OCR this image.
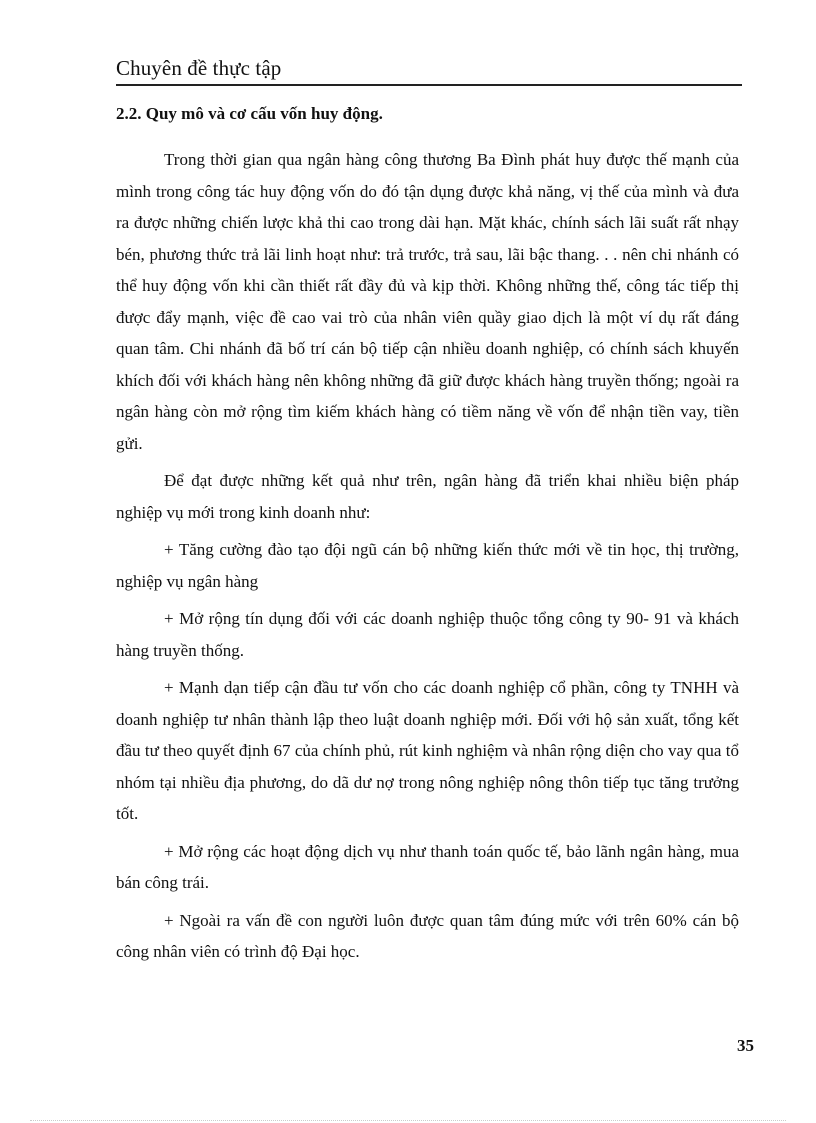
Chuyên đề thực tập
2.2. Quy mô và cơ cấu vốn huy động.

Trong thời gian qua ngân hàng công thương Ba Đình phát huy được thế mạnh của mình trong công tác huy động vốn do đó tận dụng được khả năng, vị thế của mình và đưa ra được những chiến lược khả thi cao trong dài hạn. Mặt khác, chính sách lãi suất rất nhạy bén, phương thức trả lãi linh hoạt như: trả trước, trả sau, lãi bậc thang. . . nên chi nhánh có thể huy động vốn khi cần thiết rất đầy đủ và kịp thời. Không những thế, công tác tiếp thị được đẩy mạnh, việc đề cao vai trò của nhân viên quầy giao dịch là một ví dụ rất đáng quan tâm. Chi nhánh đã bố trí cán bộ tiếp cận nhiều doanh nghiệp, có chính sách khuyến khích đối với khách hàng nên không những đã giữ được khách hàng truyền thống; ngoài ra ngân hàng còn mở rộng tìm kiếm khách hàng có tiềm năng về vốn để nhận tiền vay, tiền gửi.

Để đạt được những kết quả như trên, ngân hàng đã triển khai nhiều biện pháp nghiệp vụ mới trong kinh doanh như:

+ Tăng cường đào tạo đội ngũ cán bộ những kiến thức mới về tin học, thị trường, nghiệp vụ ngân hàng

+ Mở rộng tín dụng đối với các doanh nghiệp thuộc tổng công ty 90- 91 và khách hàng truyền thống.

+ Mạnh dạn tiếp cận đầu tư vốn cho các doanh nghiệp cổ phần, công ty TNHH và doanh nghiệp tư nhân thành lập theo luật doanh nghiệp mới. Đối với hộ sản xuất, tổng kết đầu tư theo quyết định 67 của chính phủ, rút kinh nghiệm và nhân rộng diện cho vay qua tổ nhóm tại nhiều địa phương, do dã dư nợ trong nông nghiệp nông thôn tiếp tục tăng trưởng tốt.

+ Mở rộng các hoạt động dịch vụ như thanh toán quốc tế, bảo lãnh ngân hàng, mua bán công trái.

+ Ngoài ra vấn đề con người luôn được quan tâm đúng mức với trên 60% cán bộ công nhân viên có trình độ Đại học.

35
